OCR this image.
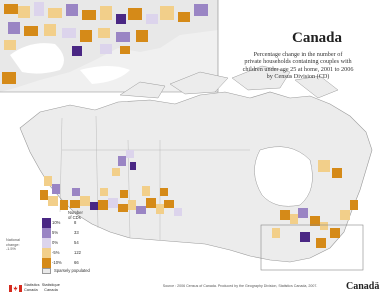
Canada
Percentage change in the number of
private households containing couples with
children under age 25 at home, 2001 to 2006
by Census Division (CD)
Number
of CDs
National
change:
-1.5%
10%	8
5%	33
0%	54
-5%	122
-10%	66
Sparsely populated
Statistics Statistique
Canada Canada
Source : 2006 Census of Canada. Produced by the Geography Division, Statistics Canada, 2007.	Canadä
